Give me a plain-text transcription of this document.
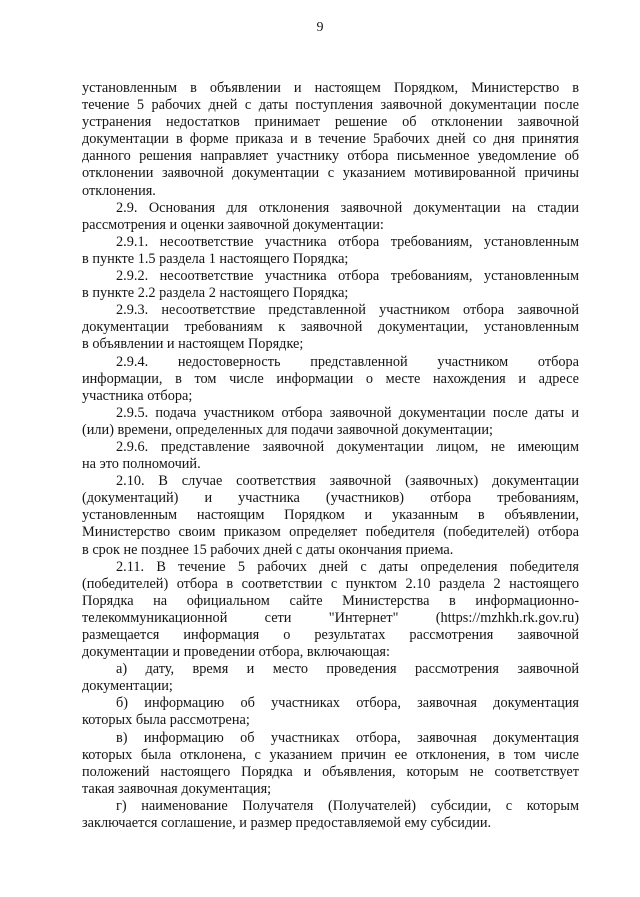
9
установленным в объявлении и настоящем Порядком, Министерство в
течение 5 рабочих дней с даты поступления заявочной документации после
устранения недостатков принимает решение об отклонении заявочной
документации в форме приказа и в течение 5рабочих дней со дня принятия
данного решения направляет участнику отбора письменное уведомление об
отклонении заявочной документации с указанием мотивированной причины
отклонения.
2.9. Основания для отклонения заявочной документации на стадии
рассмотрения и оценки заявочной документации:
2.9.1. несоответствие участника отбора требованиям, установленным
в пункте 1.5 раздела 1 настоящего Порядка;
2.9.2. несоответствие участника отбора требованиям, установленным
в пункте 2.2 раздела 2 настоящего Порядка;
2.9.3. несоответствие представленной участником отбора заявочной
документации требованиям к заявочной документации, установленным
в объявлении и настоящем Порядке;
2.9.4. недостоверность представленной участником отбора
информации, в том числе информации о месте нахождения и адресе
участника отбора;
2.9.5. подача участником отбора заявочной документации после даты и
(или) времени, определенных для подачи заявочной документации;
2.9.6. представление заявочной документации лицом, не имеющим
на это полномочий.
2.10. В случае соответствия заявочной (заявочных) документации
(документаций) и участника (участников) отбора требованиям,
установленным настоящим Порядком и указанным в объявлении,
Министерство своим приказом определяет победителя (победителей) отбора
в срок не позднее 15 рабочих дней с даты окончания приема.
2.11. В течение 5 рабочих дней с даты определения победителя
(победителей) отбора в соответствии с пунктом 2.10 раздела 2 настоящего
Порядка на официальном сайте Министерства в информационно-
телекоммуникационной сети "Интернет" (https://mzhkh.rk.gov.ru)
размещается информация о результатах рассмотрения заявочной
документации и проведении отбора, включающая:
а) дату, время и место проведения рассмотрения заявочной
документации;
б) информацию об участниках отбора, заявочная документация
которых была рассмотрена;
в) информацию об участниках отбора, заявочная документация
которых была отклонена, с указанием причин ее отклонения, в том числе
положений настоящего Порядка и объявления, которым не соответствует
такая заявочная документация;
г) наименование Получателя (Получателей) субсидии, с которым
заключается соглашение, и размер предоставляемой ему субсидии.
